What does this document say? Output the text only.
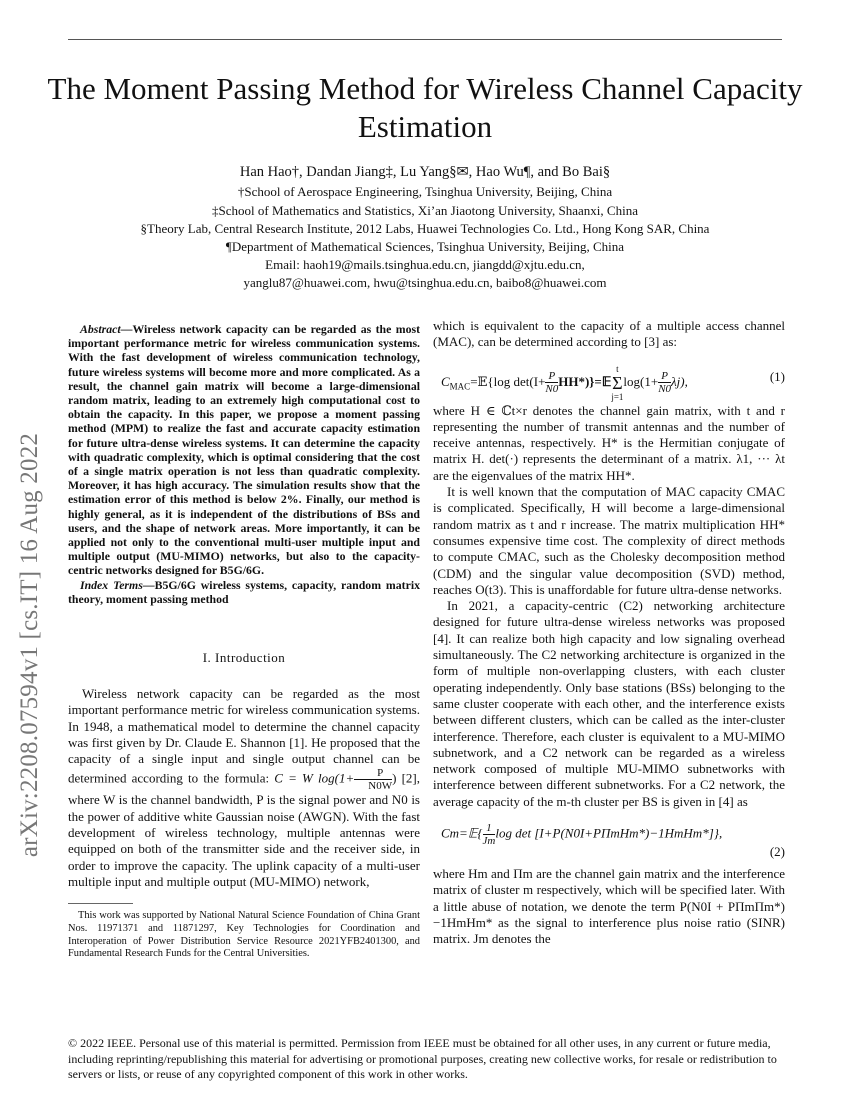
arXiv:2208.07594v1 [cs.IT] 16 Aug 2022
The Moment Passing Method for Wireless Channel Capacity Estimation
Han Hao†, Dandan Jiang‡, Lu Yang§✉, Hao Wu¶, and Bo Bai§
†School of Aerospace Engineering, Tsinghua University, Beijing, China
‡School of Mathematics and Statistics, Xi’an Jiaotong University, Shaanxi, China
§Theory Lab, Central Research Institute, 2012 Labs, Huawei Technologies Co. Ltd., Hong Kong SAR, China
¶Department of Mathematical Sciences, Tsinghua University, Beijing, China
Email: haoh19@mails.tsinghua.edu.cn, jiangdd@xjtu.edu.cn,
yanglu87@huawei.com, hwu@tsinghua.edu.cn, baibo8@huawei.com

Abstract—Wireless network capacity can be regarded as the most important performance metric for wireless communication systems. With the fast development of wireless communication technology, future wireless systems will become more and more complicated. As a result, the channel gain matrix will become a large-dimensional random matrix, leading to an extremely high computational cost to obtain the capacity. In this paper, we propose a moment passing method (MPM) to realize the fast and accurate capacity estimation for future ultra-dense wireless systems. It can determine the capacity with quadratic complexity, which is optimal considering that the cost of a single matrix operation is not less than quadratic complexity. Moreover, it has high accuracy. The simulation results show that the estimation error of this method is below 2%. Finally, our method is highly general, as it is independent of the distributions of BSs and users, and the shape of network areas. More importantly, it can be applied not only to the conventional multi-user multiple input and multiple output (MU-MIMO) networks, but also to the capacity-centric networks designed for B5G/6G.

Index Terms—B5G/6G wireless systems, capacity, random matrix theory, moment passing method

I. Introduction

Wireless network capacity can be regarded as the most important performance metric for wireless communication systems. In 1948, a mathematical model to determine the channel capacity was first given by Dr. Claude E. Shannon [1]. He proposed that the capacity of a single input and single output channel can be determined according to the formula: C = W $\log(1+ \frac{P}{N0W}$ ) [2], where W is the channel bandwidth, P is the signal power and N0 is the power of additive white Gaussian noise (AWGN). With the fast development of wireless technology, multiple antennas were equipped on both of the transmitter side and the receiver side, in order to improve the capacity. The uplink capacity of a multi-user multiple input and multiple output (MU-MIMO) network,

This work was supported by National Natural Science Foundation of China Grant Nos. 11971371 and 11871297, Key Technologies for Coordination and Interoperation of Power Distribution Service Resource 2021YFB2401300, and Fundamental Research Funds for the Central Universities.

which is equivalent to the capacity of a multiple access channel (MAC), can be determined according to [3] as:

$C_{MAC}=𝔼\{\log$ $\det(I+ \frac{P}{N0}$ HH*)}=𝔼
t
Σ
j=1
$\log(1+ \frac{P}{N0} \lambda j)$,	(1)

where H ∈ ℂt×r denotes the channel gain matrix, with t and r representing the number of transmit antennas and the number of receive antennas, respectively. H* is the Hermitian conjugate of matrix H. det(·) represents the determinant of a matrix. λ1, ··· λt are the eigenvalues of the matrix HH*.

It is well known that the computation of MAC capacity CMAC is complicated. Specifically, H will become a large-dimensional random matrix as t and r increase. The matrix multiplication HH* consumes expensive time cost. The complexity of direct methods to compute CMAC, such as the Cholesky decomposition method (CDM) and the singular value decomposition (SVD) method, reaches O(t3). This is unaffordable for future ultra-dense networks.

In 2021, a capacity-centric (C2) networking architecture designed for future ultra-dense wireless networks was proposed [4]. It can realize both high capacity and low signaling overhead simultaneously. The C2 networking architecture is organized in the form of multiple non-overlapping clusters, with each cluster operating independently. Only base stations (BSs) belonging to the same cluster cooperate with each other, and the interference exists between different clusters, which can be called as the inter-cluster interference. Therefore, each cluster is equivalent to a MU-MIMO subnetwork, and a C2 network can be regarded as a wireless network composed of multiple MU-MIMO subnetworks with interference between different subnetworks. For a C2 network, the average capacity of the m-th cluster per BS is given in [4] as

Cm=𝔼{ $\frac{1}{Jm}$ log det [I+P(N0I+PΠmHm*)−1HmHm*]},
(2)

where Hm and Πm are the channel gain matrix and the interference matrix of cluster m respectively, which will be specified later. With a little abuse of notation, we denote the term P(N0I + PΠmΠm*)−1HmHm* as the signal to interference plus noise ratio (SINR) matrix. Jm denotes the

© 2022 IEEE. Personal use of this material is permitted. Permission from IEEE must be obtained for all other uses, in any current or future media, including reprinting/republishing this material for advertising or promotional purposes, creating new collective works, for resale or redistribution to servers or lists, or reuse of any copyrighted component of this work in other works.
